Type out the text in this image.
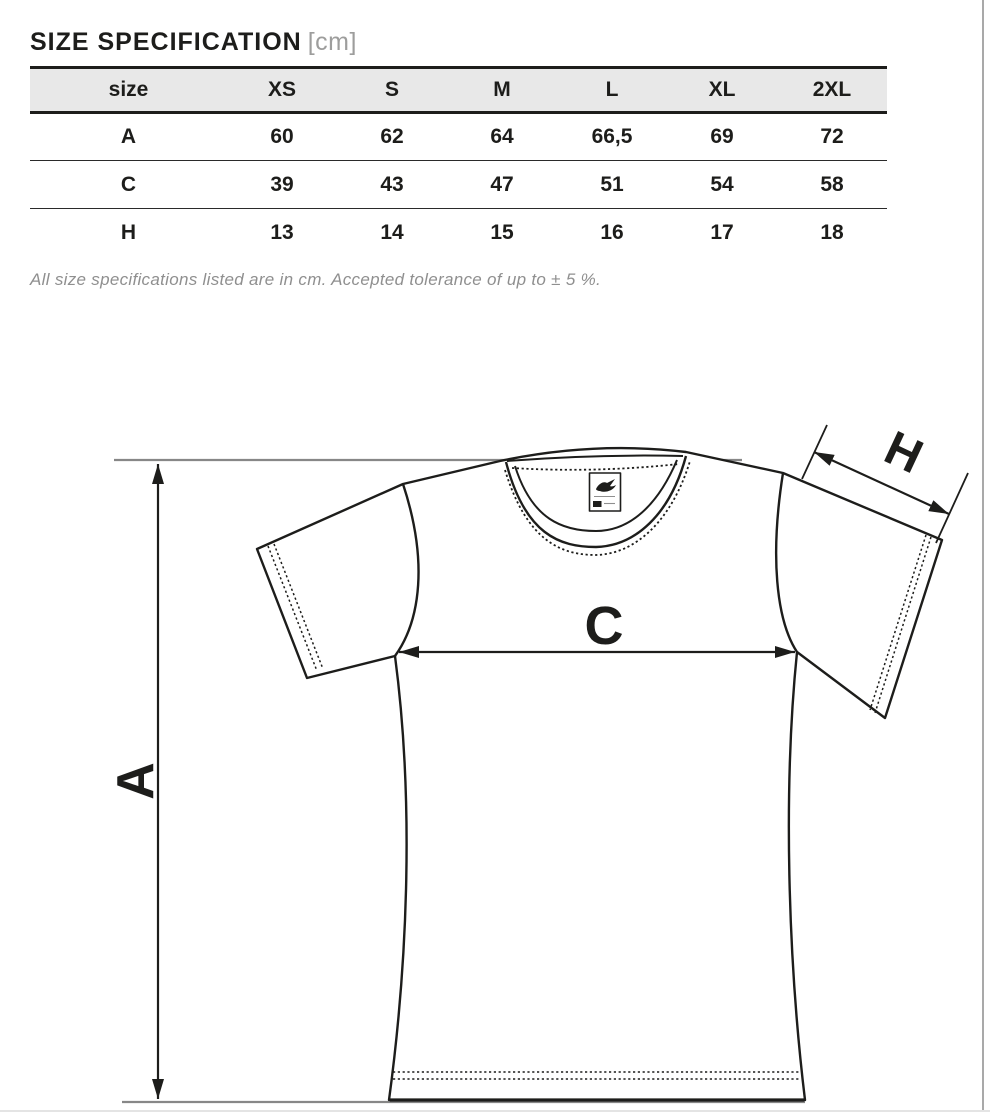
SIZE SPECIFICATION [cm]
size	XS	S	M	L	XL	2XL
A	60	62	64	66,5	69	72
C	39	43	47	51	54	58
H	13	14	15	16	17	18

All size specifications listed are in cm. Accepted tolerance of up to ± 5 %.

A
C
H
